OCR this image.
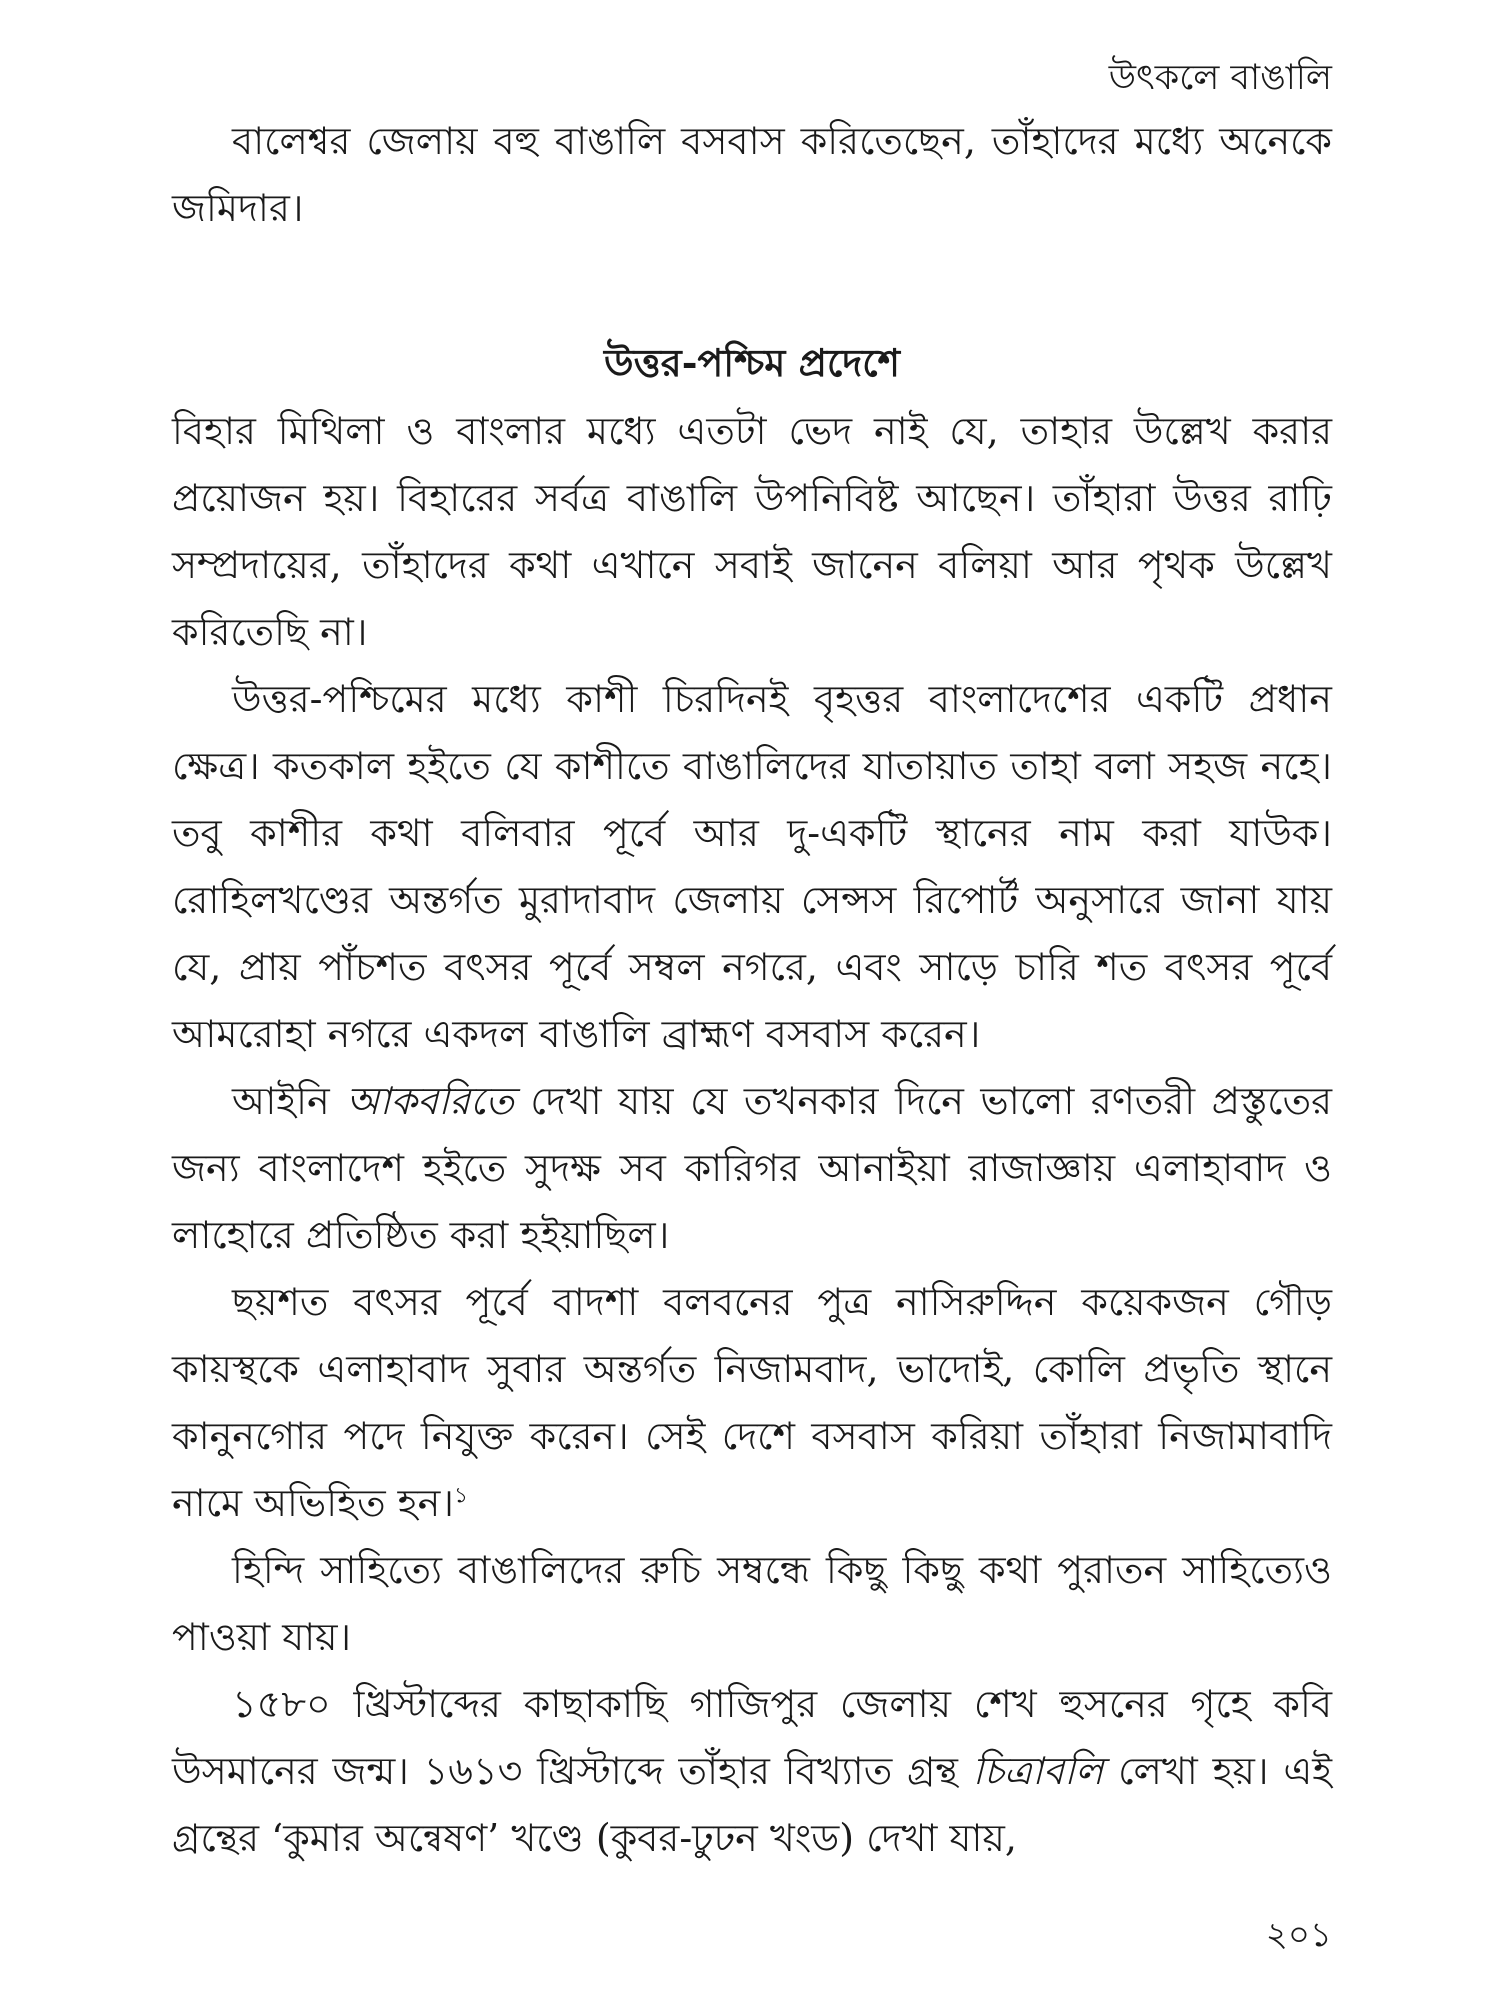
উৎকলে বাঙালি

বালেশ্বর জেলায় বহু বাঙালি বসবাস করিতেছেন, তাঁহাদের মধ্যে অনেকে জমিদার।

উত্তর-পশ্চিম প্রদেশে

বিহার মিথিলা ও বাংলার মধ্যে এতটা ভেদ নাই যে, তাহার উল্লেখ করার প্রয়োজন হয়। বিহারের সর্বত্র বাঙালি উপনিবিষ্ট আছেন। তাঁহারা উত্তর রাঢ়ি সম্প্রদায়ের, তাঁহাদের কথা এখানে সবাই জানেন বলিয়া আর পৃথক উল্লেখ করিতেছি না।

উত্তর-পশ্চিমের মধ্যে কাশী চিরদিনই বৃহত্তর বাংলাদেশের একটি প্রধান ক্ষেত্র। কতকাল হইতে যে কাশীতে বাঙালিদের যাতায়াত তাহা বলা সহজ নহে। তবু কাশীর কথা বলিবার পূর্বে আর দু-একটি স্থানের নাম করা যাউক। রোহিলখণ্ডের অন্তর্গত মুরাদাবাদ জেলায় সেন্সস রিপোর্ট অনুসারে জানা যায় যে, প্রায় পাঁচশত বৎসর পূর্বে সম্বল নগরে, এবং সাড়ে চারি শত বৎসর পূর্বে আমরোহা নগরে একদল বাঙালি ব্রাহ্মণ বসবাস করেন।

আইনি আকবরিতে দেখা যায় যে তখনকার দিনে ভালো রণতরী প্রস্তুতের জন্য বাংলাদেশ হইতে সুদক্ষ সব কারিগর আনাইয়া রাজাজ্ঞায় এলাহাবাদ ও লাহোরে প্রতিষ্ঠিত করা হইয়াছিল।

ছয়শত বৎসর পূর্বে বাদশা বলবনের পুত্র নাসিরুদ্দিন কয়েকজন গৌড় কায়স্থকে এলাহাবাদ সুবার অন্তর্গত নিজামবাদ, ভাদোই, কোলি প্রভৃতি স্থানে কানুনগোর পদে নিযুক্ত করেন। সেই দেশে বসবাস করিয়া তাঁহারা নিজামাবাদি নামে অভিহিত হন।$^১$

হিন্দি সাহিত্যে বাঙালিদের রুচি সম্বন্ধে কিছু কিছু কথা পুরাতন সাহিত্যেও পাওয়া যায়।

১৫৮০ খ্রিস্টাব্দের কাছাকাছি গাজিপুর জেলায় শেখ হুসনের গৃহে কবি উসমানের জন্ম। ১৬১৩ খ্রিস্টাব্দে তাঁহার বিখ্যাত গ্রন্থ চিত্রাবলি লেখা হয়। এই গ্রন্থের ‘কুমার অন্বেষণ’ খণ্ডে (কুবর-ঢুঢন খংড) দেখা যায়,

২০১
